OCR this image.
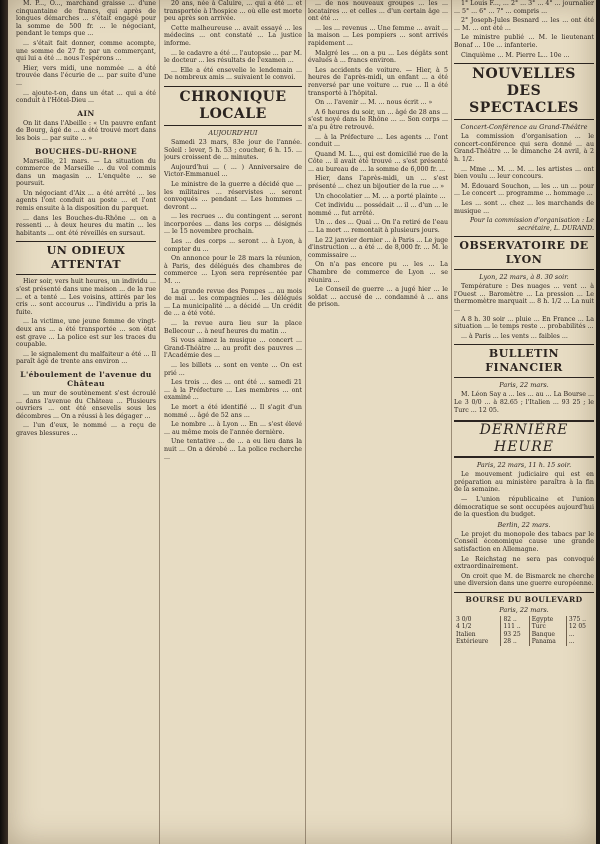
M. P..., O..., marchand graisse ... d'une cinquantaine de francs, qui après de longues démarches ... s'était engagé pour la somme de 500 fr. ... le négociant, pendant le temps que ...

... s'était fait donner, comme acompte, une somme de 27 fr. par un commerçant, qui lui a été ... nous l'espérons ...

Hier, vers midi, une nommée ... a été trouvée dans l'écurie de ... par suite d'une ...

... ajoute-t-on, dans un état ... qui a été conduit à l'Hôtel-Dieu ...

AIN

On lit dans l'Abeille : « Un pauvre enfant de Bourg, âgé de ... a été trouvé mort dans les bois ... par suite ... »

BOUCHES-DU-RHONE

Marseille, 21 mars. — La situation du commerce de Marseille ... du vol commis dans un magasin ... L'enquête ... se poursuit.

Un négociant d'Aix ... a été arrêté ... les agents l'ont conduit au poste ... et l'ont remis ensuite à la disposition du parquet.

... dans les Bouches-du-Rhône ... on a ressenti ... à deux heures du matin ... les habitants ... ont été réveillés en sursaut.

UN ODIEUX ATTENTAT

Hier soir, vers huit heures, un individu ... s'est présenté dans une maison ... de la rue ... et a tenté ... Les voisins, attirés par les cris ... sont accourus ... l'individu a pris la fuite.

... la victime, une jeune femme de vingt-deux ans ... a été transportée ... son état est grave ... La police est sur les traces du coupable.

... le signalement du malfaiteur a été ... Il paraît âgé de trente ans environ ...

L'éboulement de l'avenue du Château

... un mur de soutènement s'est écroulé ... dans l'avenue du Château ... Plusieurs ouvriers ... ont été ensevelis sous les décombres ... On a réussi à les dégager ...

... l'un d'eux, le nommé ... a reçu de graves blessures ...

20 ans, née à Caluire, ... qui a été ... et transportée à l'hospice ... où elle est morte peu après son arrivée.

Cette malheureuse ... avait essayé ... les médecins ... ont constaté ... La justice informe.

... le cadavre a été ... l'autopsie ... par M. le docteur ... les résultats de l'examen ...

... Elle a été ensevelie le lendemain ... De nombreux amis ... suivaient le convoi.

CHRONIQUE LOCALE
AUJOURD'HUI

Samedi 23 mars, 83e jour de l'année. Soleil : lever, 5 h. 53 ; coucher, 6 h. 15. ... jours croissent de ... minutes.

Aujourd'hui ... ( ... ) Anniversaire de Victor-Emmanuel ...

Le ministre de la guerre a décidé que ... les militaires ... réservistes ... seront convoqués ... pendant ... Les hommes ... devront ...

... les recrues ... du contingent ... seront incorporées ... dans les corps ... désignés ... le 15 novembre prochain.

Les ... des corps ... seront ... à Lyon, à compter du ...

On annonce pour le 28 mars la réunion, à Paris, des délégués des chambres de commerce ... Lyon sera représentée par M. ...

La grande revue des Pompes ... au mois de mai ... les compagnies ... les délégués ... La municipalité ... a décidé ... Un crédit de ... a été voté.

... la revue aura lieu sur la place Bellecour ... à neuf heures du matin ...

Si vous aimez la musique ... concert ... Grand-Théâtre ... au profit des pauvres ... l'Académie des ...

... les billets ... sont en vente ... On est prié ...

Les trois ... des ... ont été ... samedi 21 ... à la Préfecture ... Les membres ... ont examiné ...

Le mort a été identifié ... Il s'agit d'un nommé ... âgé de 52 ans ...

Le nombre ... à Lyon ... En ... s'est élevé ... au même mois de l'année dernière.

Une tentative ... de ... a eu lieu dans la nuit ... On a dérobé ... La police recherche ...

... de nos nouveaux groupes ... les ... locataires ... et celles ... d'un certain âge ... ont été ...

... les ... revenus ... Une femme ... avait ... la maison ... Les pompiers ... sont arrivés rapidement ...

Malgré les ... on a pu ... Les dégâts sont évalués à ... francs environ.

Les accidents de voiture. — Hier, à 5 heures de l'après-midi, un enfant ... a été renversé par une voiture ... rue ... Il a été transporté à l'hôpital.

On ... l'avenir ... M. ... nous écrit ... »

A 6 heures du soir, un ... âgé de 28 ans ... s'est noyé dans le Rhône ... ... Son corps ... n'a pu être retrouvé.

... à la Préfecture ... Les agents ... l'ont conduit ...

Quand M. L..., qui est domicilié rue de la Côte ... il avait été trouvé ... s'est présenté ... au bureau de ... la somme de 6,000 fr. ...

Hier, dans l'après-midi, un ... s'est présenté ... chez un bijoutier de la rue ... »

Un chocolatier ... M. ... a porté plainte ...

Cet individu ... possédait ... il ... d'un ... le nommé ... fut arrêté.

Un ... des ... Quai ... On l'a retiré de l'eau ... La mort ... remontait à plusieurs jours.

Le 22 janvier dernier ... à Paris ... Le juge d'instruction ... a été ... de 8,000 fr. ... M. le commissaire ...

On n'a pas encore pu ... les ... La Chambre de commerce de Lyon ... se réunira ...

Le Conseil de guerre ... a jugé hier ... le soldat ... accusé de ... condamné à ... ans de prison.

1° Louis F..., ... 2° ... 3° ... 4° ... journalier ... 5° ... 6° ... 7° ... compris ...

2° Joseph-Jules Besnard ... les ... ont été ... M. ... ont été ...

Le ministre publié ... M. le lieutenant Bonaf ... 10e ... infanterie.

Cinquième ... M. Pierre L... 10e ...

NOUVELLES DES SPECTACLES
Concert-Conférence au Grand-Théâtre

La commission d'organisation ... le concert-conférence qui sera donné ... au Grand-Théâtre ... le dimanche 24 avril, à 2 h. 1/2.

... Mme ... M. ... M. ... les artistes ... ont bien voulu ... leur concours.

M. Édouard Souchon, ... les ... un ... pour ... Le concert ... programme ... hommage ...

Les ... sont ... chez ... les marchands de musique ...

Pour la commission d'organisation : Le secrétaire, L. DURAND.

OBSERVATOIRE DE LYON
Lyon, 22 mars, à 8. 30 soir.

Température : Des nuages ... vent ... à l'Ouest ... Baromètre ... La pression ... Le thermomètre marquait ... 8 h. 1/2 ... La nuit ...

A 8 h. 30 soir ... pluie ... En France ... La situation ... le temps reste ... probabilités ...

... à Paris ... les vents ... faibles ...

BULLETIN FINANCIER
Paris, 22 mars.

M. Léon Say a ... les ... au ... La Bourse ... Le 3 0/0 ... à 82.65 ; l'Italien ... 93 25 ; le Turc ... 12 05.

DERNIÈRE HEURE
Paris, 22 mars, 11 h. 15 soir.

Le mouvement judiciaire qui est en préparation au ministère paraîtra à la fin de la semaine.

— L'union républicaine et l'union démocratique se sont occupées aujourd'hui de la question du budget.

Berlin, 22 mars.

Le projet du monopole des tabacs par le Conseil économique cause une grande satisfaction en Allemagne.

Le Reichstag ne sera pas convoqué extraordinairement.

On croit que M. de Bismarck ne cherche une diversion dans une guerre européenne.

BOURSE DU BOULEVARD
Paris, 22 mars.
3 0/0	82 ..	Egypte	375 ..
4 1/2	111 ..	Turc	12 05
Italien	93 25	Banque	...
Extérieure	28 ..	Panama	...
